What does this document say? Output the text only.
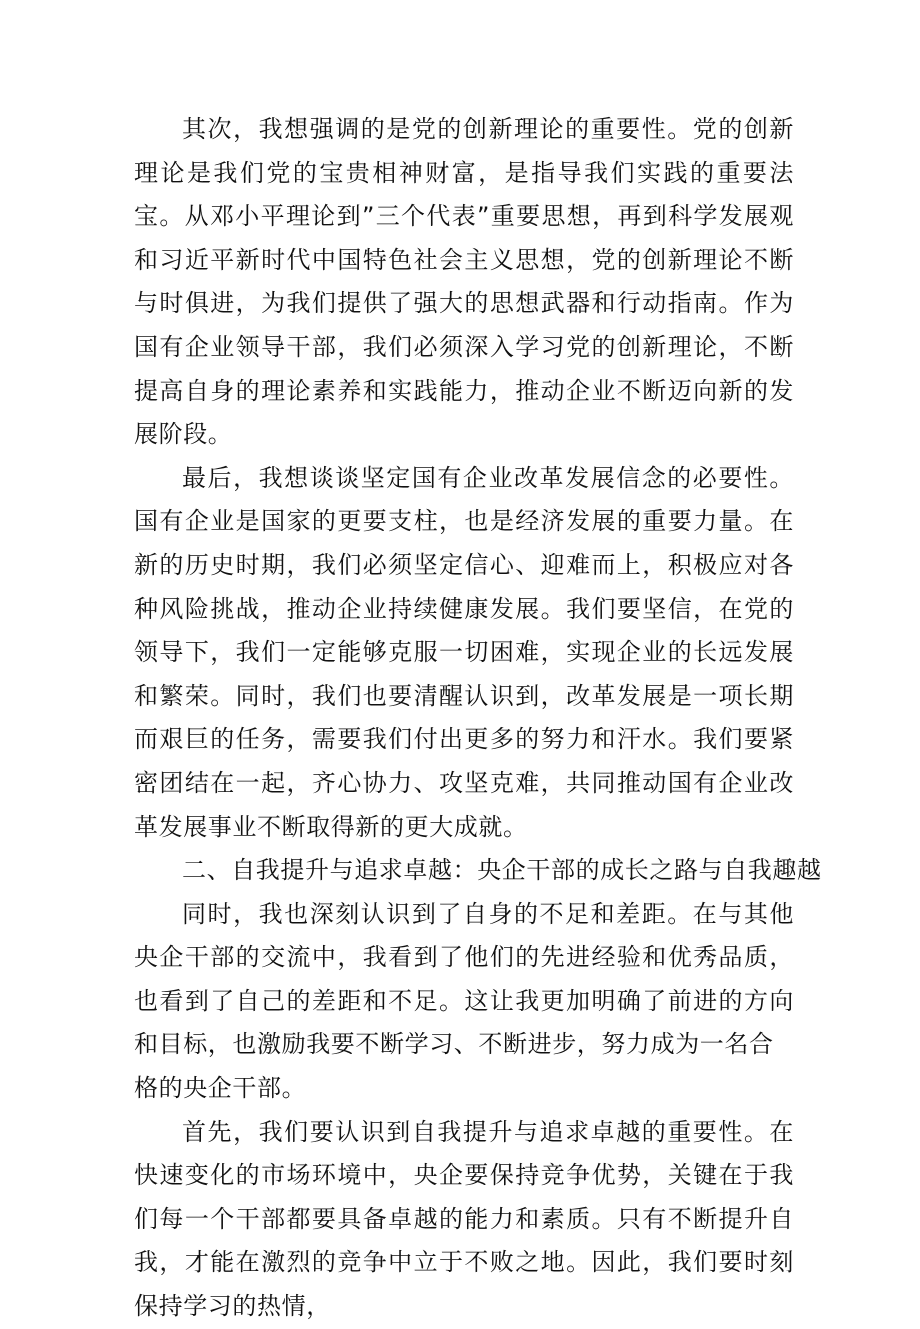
其次，我想强调的是党的创新理论的重要性。党的创新理论是我们党的宝贵相神财富，是指导我们实践的重要法宝。从邓小平理论到”三个代表”重要思想，再到科学发展观和习近平新时代中国特色社会主义思想，党的创新理论不断与时俱进，为我们提供了强大的思想武器和行动指南。作为国有企业领导干部，我们必须深入学习党的创新理论，不断提高自身的理论素养和实践能力，推动企业不断迈向新的发展阶段。

最后，我想谈谈坚定国有企业改革发展信念的必要性。国有企业是国家的更要支柱，也是经济发展的重要力量。在新的历史时期，我们必须坚定信心、迎难而上，积极应对各种风险挑战，推动企业持续健康发展。我们要坚信，在党的领导下，我们一定能够克服一切困难，实现企业的长远发展和繁荣。同时，我们也要清醒认识到，改革发展是一项长期而艰巨的任务，需要我们付出更多的努力和汗水。我们要紧密团结在一起，齐心协力、攻坚克难，共同推动国有企业改革发展事业不断取得新的更大成就。

二、自我提升与追求卓越：央企干部的成长之路与自我趣越

同时，我也深刻认识到了自身的不足和差距。在与其他央企干部的交流中，我看到了他们的先进经验和优秀品质，也看到了自己的差距和不足。这让我更加明确了前进的方向和目标，也激励我要不断学习、不断进步，努力成为一名合

格的央企干部。

首先，我们要认识到自我提升与追求卓越的重要性。在快速变化的市场环境中，央企要保持竞争优势，关键在于我们每一个干部都要具备卓越的能力和素质。只有不断提升自我，才能在激烈的竞争中立于不败之地。因此，我们要时刻保持学习的热情，
